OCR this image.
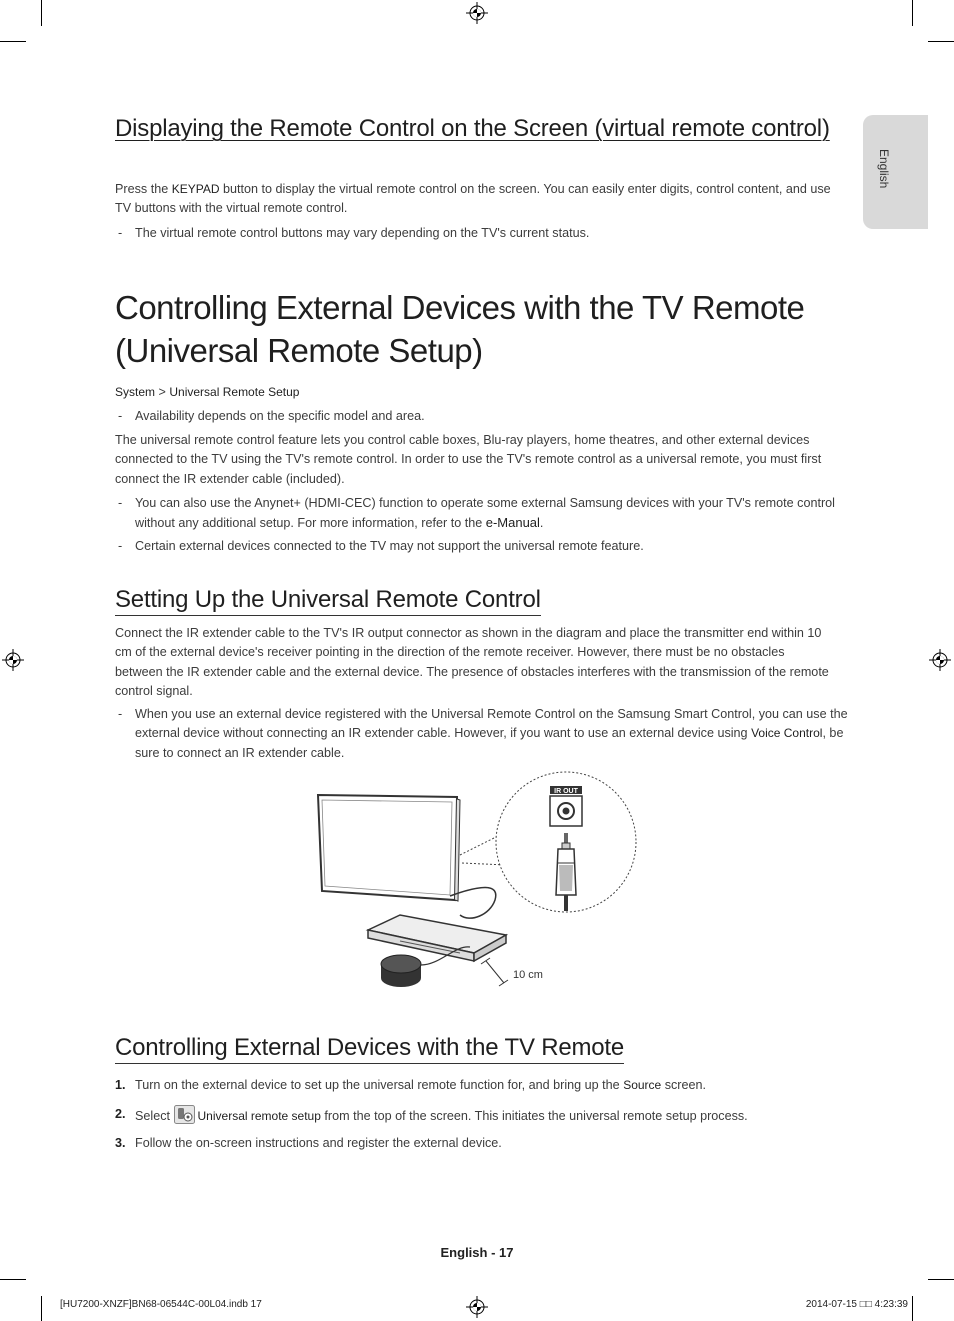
English
Displaying the Remote Control on the Screen (virtual remote control)
Press the KEYPAD button to display the virtual remote control on the screen. You can easily enter digits, control content, and use TV buttons with the virtual remote control.
- The virtual remote control buttons may vary depending on the TV's current status.
Controlling External Devices with the TV Remote
(Universal Remote Setup)
System > Universal Remote Setup
- Availability depends on the specific model and area.
The universal remote control feature lets you control cable boxes, Blu-ray players, home theatres, and other external devices connected to the TV using the TV's remote control. In order to use the TV's remote control as a universal remote, you must first connect the IR extender cable (included).
- You can also use the Anynet+ (HDMI-CEC) function to operate some external Samsung devices with your TV's remote control without any additional setup. For more information, refer to the e-Manual.
- Certain external devices connected to the TV may not support the universal remote feature.
Setting Up the Universal Remote Control
Connect the IR extender cable to the TV's IR output connector as shown in the diagram and place the transmitter end within 10 cm of the external device's receiver pointing in the direction of the remote receiver. However, there must be no obstacles between the IR extender cable and the external device. The presence of obstacles interferes with the transmission of the remote control signal.
- When you use an external device registered with the Universal Remote Control on the Samsung Smart Control, you can use the external device without connecting an IR extender cable. However, if you want to use an external device using Voice Control, be sure to connect an IR extender cable.
IR OUT
10 cm
Controlling External Devices with the TV Remote
1. Turn on the external device to set up the universal remote function for, and bring up the Source screen.
2. Select Universal remote setup from the top of the screen. This initiates the universal remote setup process.
3. Follow the on-screen instructions and register the external device.
English - 17
[HU7200-XNZF]BN68-06544C-00L04.indb 17	2014-07-15 □□ 4:23:39
